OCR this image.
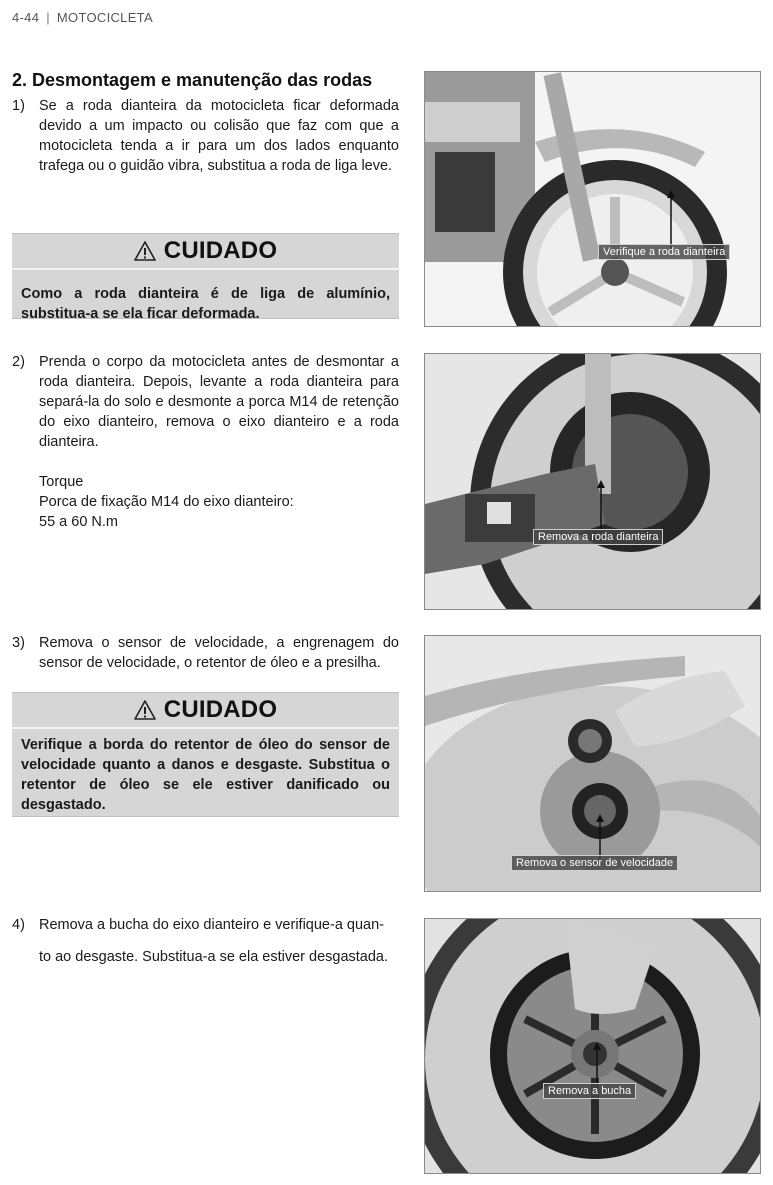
4-44 | MOTOCICLETA
2. Desmontagem e manutenção das rodas
1) Se a roda dianteira da motocicleta ficar deformada devido a um impacto ou colisão que faz com que a motocicleta tenda a ir para um dos lados enquanto trafega ou o guidão vibra, substitua a roda de liga leve.
CUIDADO
Como a roda dianteira é de liga de alumínio, substitua-a se ela ficar deformada.
2) Prenda o corpo da motocicleta antes de desmontar a roda dianteira. Depois, levante a roda dianteira para separá-la do solo e desmonte a porca M14 de retenção do eixo dianteiro, remova o eixo dianteiro e a roda dianteira.
Torque
Porca de fixação M14 do eixo dianteiro:
55 a 60 N.m
3) Remova o sensor de velocidade, a engrenagem do sensor de velocidade, o retentor de óleo e a presilha.
CUIDADO
Verifique a borda do retentor de óleo do sensor de velocidade quanto a danos e desgaste. Substitua o retentor de óleo se ele estiver danificado ou desgastado.
4) Remova a bucha do eixo dianteiro e verifique-a quan-
to ao desgaste. Substitua-a se ela estiver desgastada.
Verifique a roda dianteira
Remova a roda dianteira
Remova o sensor de velocidade
Remova a bucha
